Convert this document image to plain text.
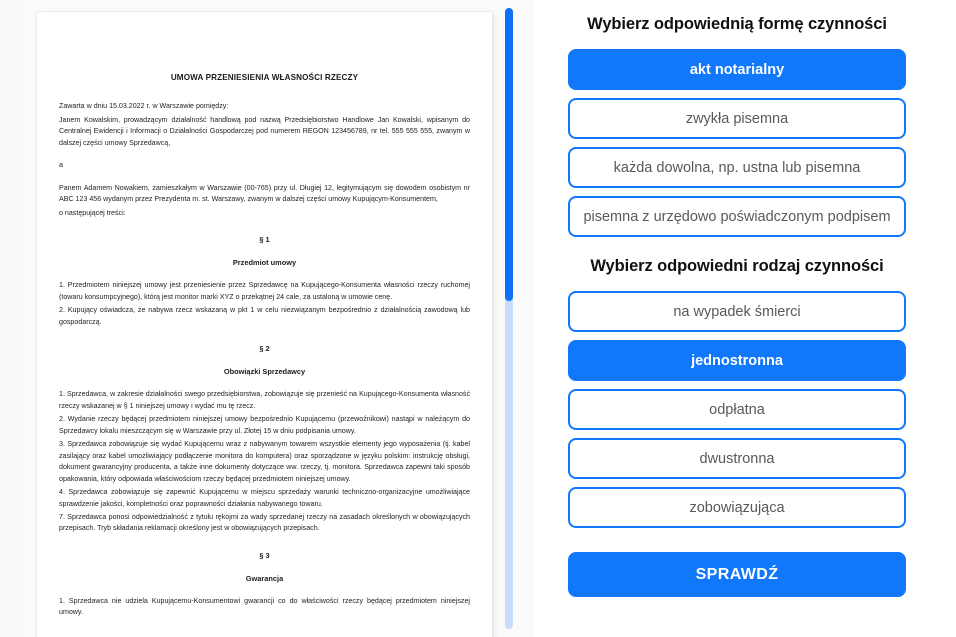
UMOWA PRZENIESIENIA WŁASNOŚCI RZECZY
Zawarta w dniu 15.03.2022 r. w Warszawie pomiędzy:
Janem Kowalskim, prowadzącym działalność handlową pod nazwą Przedsiębiorstwo Handlowe Jan Kowalski, wpisanym do Centralnej Ewidencji i Informacji o Działalności Gospodarczej pod numerem REGON 123456789, nr tel. 555 555 555, zwanym w dalszej części umowy Sprzedawcą,
a
Panem Adamem Nowakiem, zamieszkałym w Warszawie (00-765) przy ul. Długiej 12, legitymującym się dowodem osobistym nr ABC 123 456 wydanym przez Prezydenta m. st. Warszawy, zwanym w dalszej części umowy Kupującym-Konsumentem,
o następującej treści:
§ 1
Przedmiot umowy
1. Przedmiotem niniejszej umowy jest przeniesienie przez Sprzedawcę na Kupującego-Konsumenta własności rzeczy ruchomej (towaru konsumpcyjnego), którą jest monitor marki XYZ o przekątnej 24 cale, za ustaloną w umowie cenę.
2. Kupujący oświadcza, że nabywa rzecz wskazaną w pkt 1 w celu niezwiązanym bezpośrednio z działalnością zawodową lub gospodarczą.
§ 2
Obowiązki Sprzedawcy
1. Sprzedawca, w zakresie działalności swego przedsiębiorstwa, zobowiązuje się przenieść na Kupującego-Konsumenta własność rzeczy wskazanej w § 1 niniejszej umowy i wydać mu tę rzecz.
2. Wydanie rzeczy będącej przedmiotem niniejszej umowy bezpośrednio Kupującemu (przewoźnikowi) nastąpi w należącym do Sprzedawcy lokalu mieszczącym się w Warszawie przy ul. Złotej 15 w dniu podpisania umowy.
3. Sprzedawca zobowiązuje się wydać Kupującemu wraz z nabywanym towarem wszystkie elementy jego wyposażenia (tj. kabel zasilający oraz kabel umożliwiający podłączenie monitora do komputera) oraz sporządzone w języku polskim: instrukcję obsługi, dokument gwarancyjny producenta, a także inne dokumenty dotyczące ww. rzeczy, tj. monitora. Sprzedawca zapewni taki sposób opakowania, który odpowiada właściwościom rzeczy będącej przedmiotem niniejszej umowy.
4. Sprzedawca zobowiązuje się zapewnić Kupującemu w miejscu sprzedaży warunki techniczno-organizacyjne umożliwiające sprawdzenie jakości, kompletności oraz poprawności działania nabywanego towaru.
7. Sprzedawca ponosi odpowiedzialność z tytułu rękojmi za wady sprzedanej rzeczy na zasadach określonych w obowiązujących przepisach. Tryb składania reklamacji określony jest w obowiązujących przepisach.
§ 3
Gwarancja
1. Sprzedawca nie udziela Kupującemu-Konsumentowi gwarancji co do właściwości rzeczy będącej przedmiotem niniejszej umowy.
Wybierz odpowiednią formę czynności
akt notarialny
zwykła pisemna
każda dowolna, np. ustna lub pisemna
pisemna z urzędowo poświadczonym podpisem
Wybierz odpowiedni rodzaj czynności
na wypadek śmierci
jednostronna
odpłatna
dwustronna
zobowiązująca
SPRAWDŹ
